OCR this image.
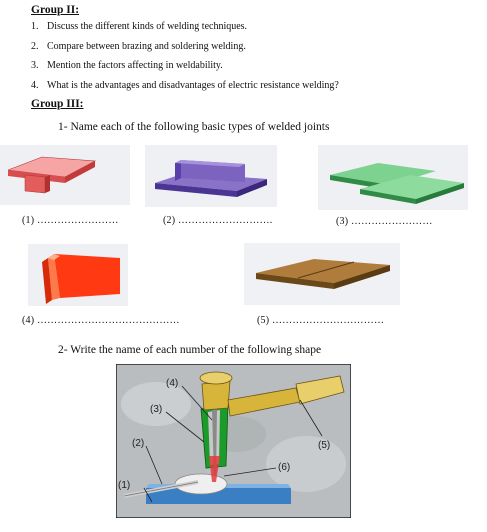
Group II:
1. Discuss the different kinds of welding techniques.
2. Compare between brazing and soldering welding.
3. Mention the factors affecting in weldability.
4. What is the advantages and disadvantages of electric resistance welding?
Group III:
1- Name each of the following basic types of welded joints
(1) ……………………	(2) ……………………….	(3) ……………………
(4) ……………………………………	(5) ……………………………
2- Write the name of each number of the following shape
(1)
(2)
(3)
(4)
(5)
(6)
